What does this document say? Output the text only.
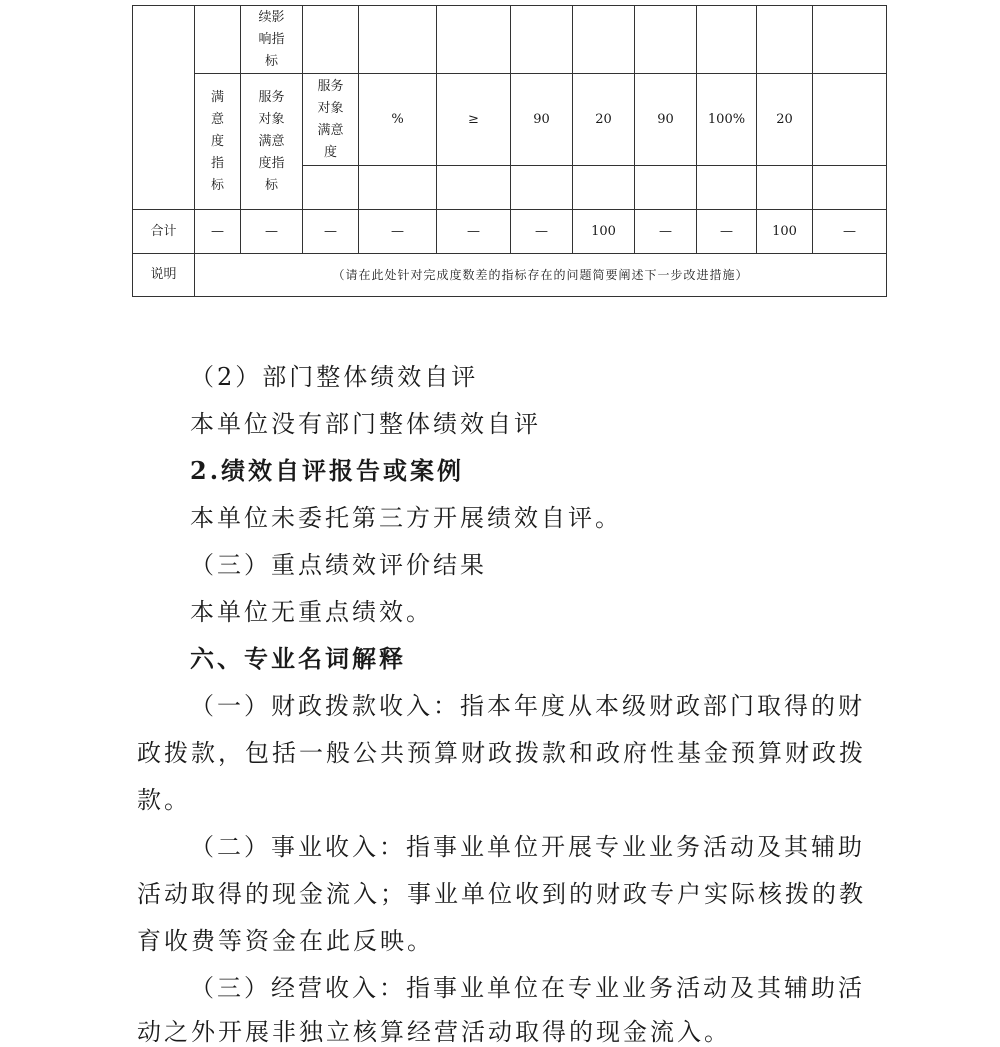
		续影响指标									
	满意度指标	服务对象满意度指标	服务对象满意度	%	≥	90	20	90	100%	20	

合计	—	—	—	—	—	—	100	—	—	100	—
说明	（请在此处针对完成度数差的指标存在的问题简要阐述下一步改进措施）										

（2）部门整体绩效自评

本单位没有部门整体绩效自评

2.绩效自评报告或案例

本单位未委托第三方开展绩效自评。

（三）重点绩效评价结果

本单位无重点绩效。

六、专业名词解释

（一）财政拨款收入：指本年度从本级财政部门取得的财

政拨款，包括一般公共预算财政拨款和政府性基金预算财政拨

款。

（二）事业收入：指事业单位开展专业业务活动及其辅助

活动取得的现金流入；事业单位收到的财政专户实际核拨的教

育收费等资金在此反映。

（三）经营收入：指事业单位在专业业务活动及其辅助活

动之外开展非独立核算经营活动取得的现金流入。
